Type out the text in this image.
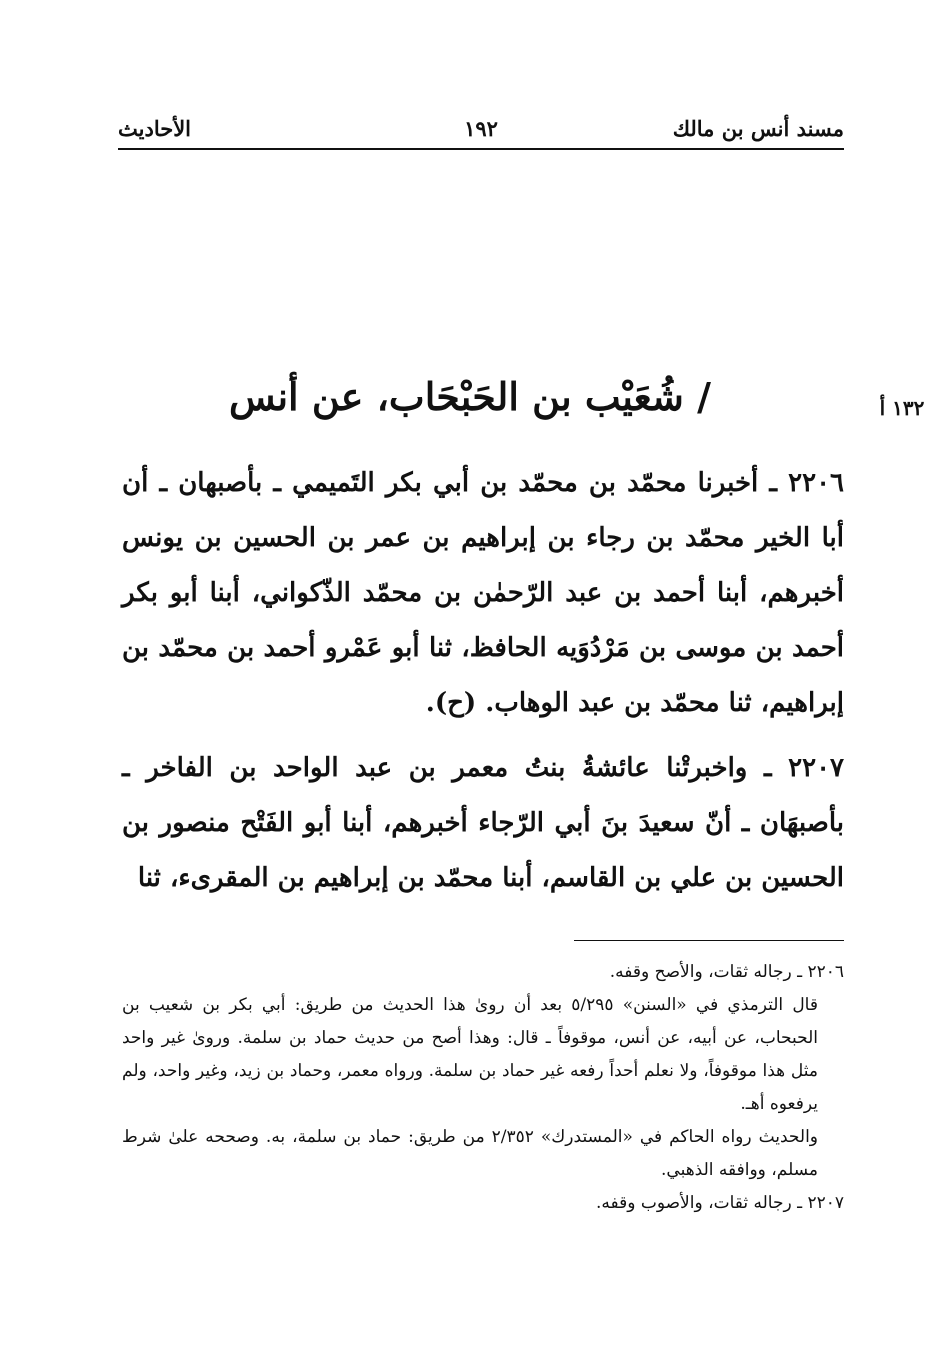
مسند أنس بن مالك
١٩٢
الأحاديث
١٣٢ أ
/ شُعَيْب بن الحَبْحَاب، عن أنس

٢٢٠٦ ـ أخبرنا محمّد بن محمّد بن أبي بكر التَميمي ـ بأصبهان ـ أن أبا الخير محمّد بن رجاء بن إبراهيم بن عمر بن الحسين بن يونس أخبرهم، أبنا أحمد بن عبد الرّحمٰن بن محمّد الذّكواني، أبنا أبو بكر أحمد بن موسى بن مَرْدُوَيه الحافظ، ثنا أبو عَمْرو أحمد بن محمّد بن إبراهيم، ثنا محمّد بن عبد الوهاب. (ح).

٢٢٠٧ ـ واخبرتْنا عائشةُ بنتُ معمر بن عبد الواحد بن الفاخر ـ بأصبهَان ـ أنّ سعيدَ بنَ أبي الرّجاء أخبرهم، أبنا أبو الفَتْح منصور بن الحسين بن علي بن القاسم، أبنا محمّد بن إبراهيم بن المقرىء، ثنا

٢٢٠٦ ـ رجاله ثقات، والأصح وقفه.

قال الترمذي في «السنن» ٥/٢٩٥ بعد أن روىٰ هذا الحديث من طريق: أبي بكر بن شعيب بن الحبحاب، عن أبيه، عن أنس، موقوفاً ـ قال: وهذا أصح من حديث حماد بن سلمة. وروىٰ غير واحد مثل هذا موقوفاً، ولا نعلم أحداً رفعه غير حماد بن سلمة. ورواه معمر، وحماد بن زيد، وغير واحد، ولم يرفعوه أهـ.

والحديث رواه الحاكم في «المستدرك» ٢/٣٥٢ من طريق: حماد بن سلمة، به. وصححه علىٰ شرط مسلم، ووافقه الذهبي.

٢٢٠٧ ـ رجاله ثقات، والأصوب وقفه.
